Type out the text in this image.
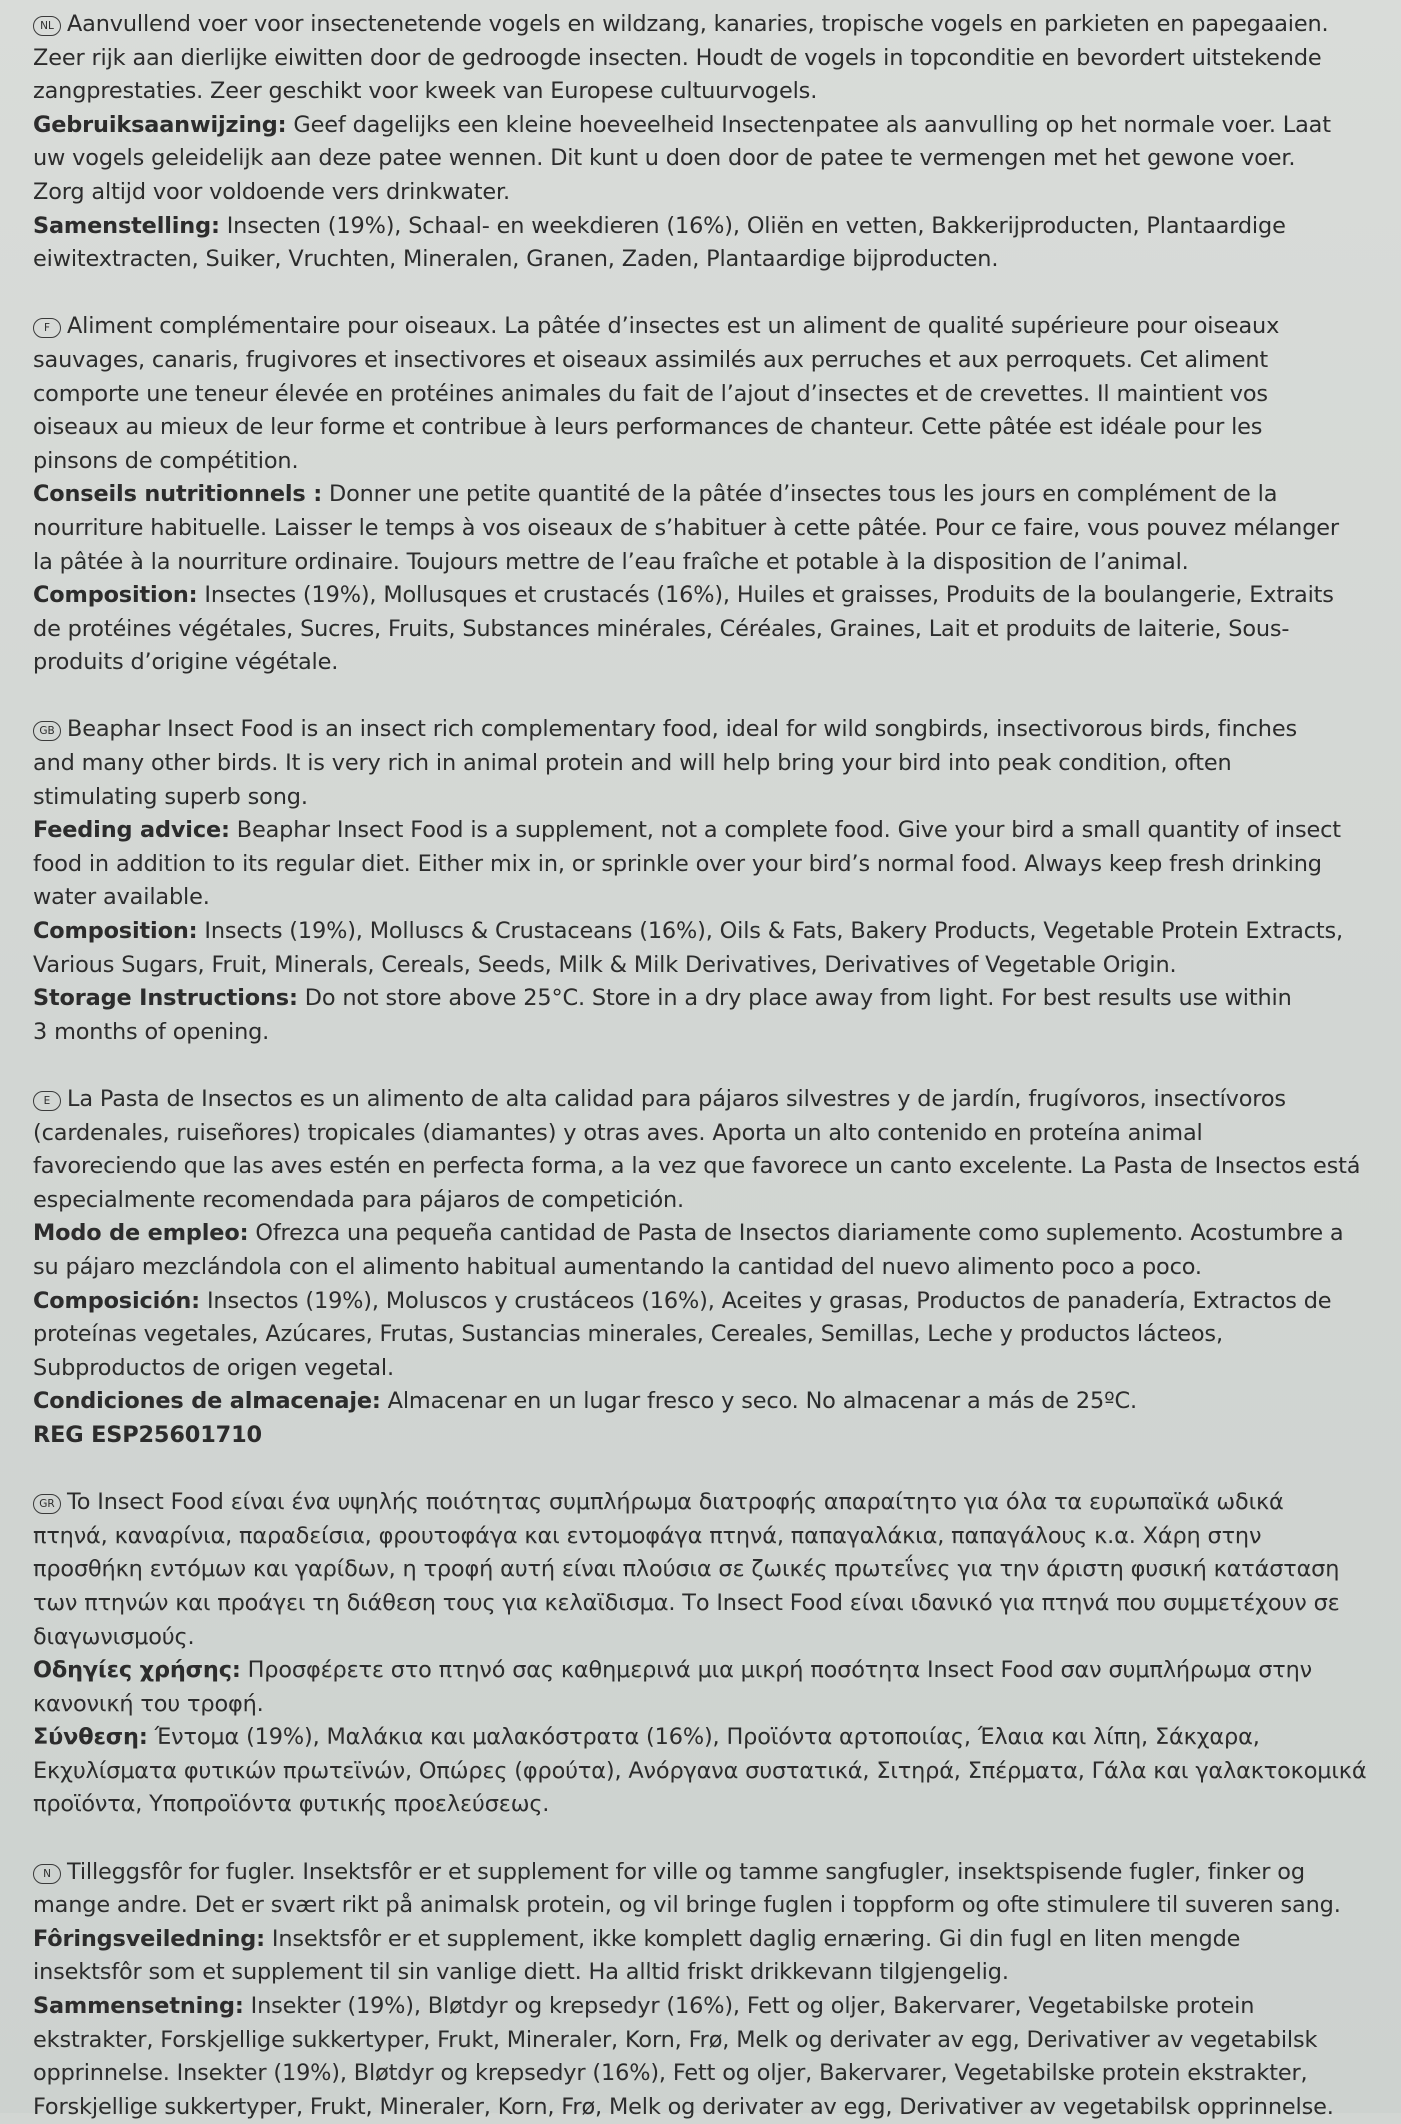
NL Aanvullend voer voor insectenetende vogels en wildzang, kanaries, tropische vogels en parkieten en papegaaien.
Zeer rijk aan dierlijke eiwitten door de gedroogde insecten. Houdt de vogels in topconditie en bevordert uitstekende
zangprestaties. Zeer geschikt voor kweek van Europese cultuurvogels.

Gebruiksaanwijzing: Geef dagelijks een kleine hoeveelheid Insectenpatee als aanvulling op het normale voer. Laat
uw vogels geleidelijk aan deze patee wennen. Dit kunt u doen door de patee te vermengen met het gewone voer.
Zorg altijd voor voldoende vers drinkwater.

Samenstelling: Insecten (19%), Schaal- en weekdieren (16%), Oliën en vetten, Bakkerijproducten, Plantaardige
eiwitextracten, Suiker, Vruchten, Mineralen, Granen, Zaden, Plantaardige bijproducten.

F Aliment complémentaire pour oiseaux. La pâtée d’insectes est un aliment de qualité supérieure pour oiseaux
sauvages, canaris, frugivores et insectivores et oiseaux assimilés aux perruches et aux perroquets. Cet aliment
comporte une teneur élevée en protéines animales du fait de l’ajout d’insectes et de crevettes. Il maintient vos
oiseaux au mieux de leur forme et contribue à leurs performances de chanteur. Cette pâtée est idéale pour les
pinsons de compétition.

Conseils nutritionnels : Donner une petite quantité de la pâtée d’insectes tous les jours en complément de la
nourriture habituelle. Laisser le temps à vos oiseaux de s’habituer à cette pâtée. Pour ce faire, vous pouvez mélanger
la pâtée à la nourriture ordinaire. Toujours mettre de l’eau fraîche et potable à la disposition de l’animal.

Composition: Insectes (19%), Mollusques et crustacés (16%), Huiles et graisses, Produits de la boulangerie, Extraits
de protéines végétales, Sucres, Fruits, Substances minérales, Céréales, Graines, Lait et produits de laiterie, Sous-
produits d’origine végétale.

GB Beaphar Insect Food is an insect rich complementary food, ideal for wild songbirds, insectivorous birds, finches
and many other birds. It is very rich in animal protein and will help bring your bird into peak condition, often
stimulating superb song.

Feeding advice: Beaphar Insect Food is a supplement, not a complete food. Give your bird a small quantity of insect
food in addition to its regular diet. Either mix in, or sprinkle over your bird’s normal food. Always keep fresh drinking
water available.

Composition: Insects (19%), Molluscs & Crustaceans (16%), Oils & Fats, Bakery Products, Vegetable Protein Extracts,
Various Sugars, Fruit, Minerals, Cereals, Seeds, Milk & Milk Derivatives, Derivatives of Vegetable Origin.

Storage Instructions: Do not store above 25°C. Store in a dry place away from light. For best results use within
3 months of opening.

E La Pasta de Insectos es un alimento de alta calidad para pájaros silvestres y de jardín, frugívoros, insectívoros
(cardenales, ruiseñores) tropicales (diamantes) y otras aves. Aporta un alto contenido en proteína animal
favoreciendo que las aves estén en perfecta forma, a la vez que favorece un canto excelente. La Pasta de Insectos está
especialmente recomendada para pájaros de competición.

Modo de empleo: Ofrezca una pequeña cantidad de Pasta de Insectos diariamente como suplemento. Acostumbre a
su pájaro mezclándola con el alimento habitual aumentando la cantidad del nuevo alimento poco a poco.

Composición: Insectos (19%), Moluscos y crustáceos (16%), Aceites y grasas, Productos de panadería, Extractos de
proteínas vegetales, Azúcares, Frutas, Sustancias minerales, Cereales, Semillas, Leche y productos lácteos,
Subproductos de origen vegetal.

Condiciones de almacenaje: Almacenar en un lugar fresco y seco. No almacenar a más de 25ºC.

REG ESP25601710

GR To Insect Food είναι ένα υψηλής ποιότητας συμπλήρωμα διατροφής απαραίτητο για όλα τα ευρωπαϊκά ωδικά
πτηνά, καναρίνια, παραδείσια, φρουτοφάγα και εντομοφάγα πτηνά, παπαγαλάκια, παπαγάλους κ.α. Χάρη στην
προσθήκη εντόμων και γαρίδων, η τροφή αυτή είναι πλούσια σε ζωικές πρωτεΐνες για την άριστη φυσική κατάσταση
των πτηνών και προάγει τη διάθεση τους για κελαϊδισμα. Το Insect Food είναι ιδανικό για πτηνά που συμμετέχουν σε
διαγωνισμούς.

Οδηγίες χρήσης: Προσφέρετε στο πτηνό σας καθημερινά μια μικρή ποσότητα Insect Food σαν συμπλήρωμα στην
κανονική του τροφή.

Σύνθεση: Έντομα (19%), Μαλάκια και μαλακόστρατα (16%), Προϊόντα αρτοποιίας, Έλαια και λίπη, Σάκχαρα,
Εκχυλίσματα φυτικών πρωτεϊνών, Οπώρες (φρούτα), Ανόργανα συστατικά, Σιτηρά, Σπέρματα, Γάλα και γαλακτοκομικά
προϊόντα, Υποπροϊόντα φυτικής προελεύσεως.

N Tilleggsfôr for fugler. Insektsfôr er et supplement for ville og tamme sangfugler, insektspisende fugler, finker og
mange andre. Det er svært rikt på animalsk protein, og vil bringe fuglen i toppform og ofte stimulere til suveren sang.

Fôringsveiledning: Insektsfôr er et supplement, ikke komplett daglig ernæring. Gi din fugl en liten mengde
insektsfôr som et supplement til sin vanlige diett. Ha alltid friskt drikkevann tilgjengelig.

Sammensetning: Insekter (19%), Bløtdyr og krepsedyr (16%), Fett og oljer, Bakervarer, Vegetabilske protein
ekstrakter, Forskjellige sukkertyper, Frukt, Mineraler, Korn, Frø, Melk og derivater av egg, Derivativer av vegetabilsk
opprinnelse. Insekter (19%), Bløtdyr og krepsedyr (16%), Fett og oljer, Bakervarer, Vegetabilske protein ekstrakter,
Forskjellige sukkertyper, Frukt, Mineraler, Korn, Frø, Melk og derivater av egg, Derivativer av vegetabilsk opprinnelse.
